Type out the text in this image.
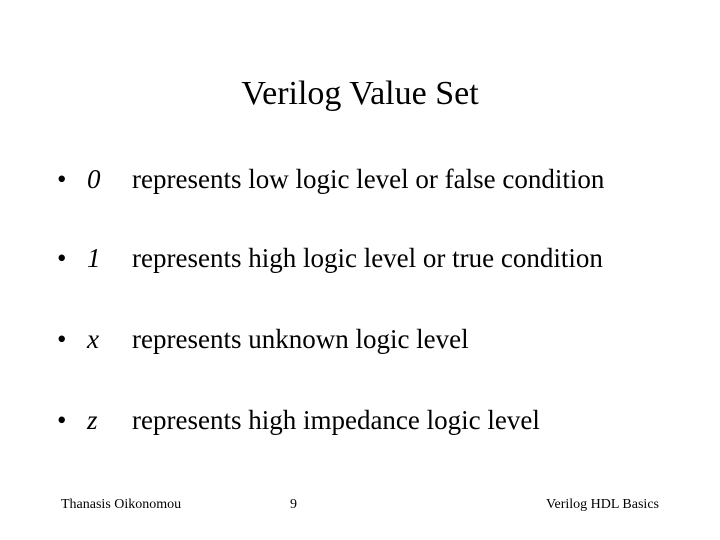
Verilog Value Set
• 0 represents low logic level or false condition
• 1 represents high logic level or true condition
• x represents unknown logic level
• z represents high impedance logic level
Thanasis Oikonomou	9	Verilog HDL Basics
